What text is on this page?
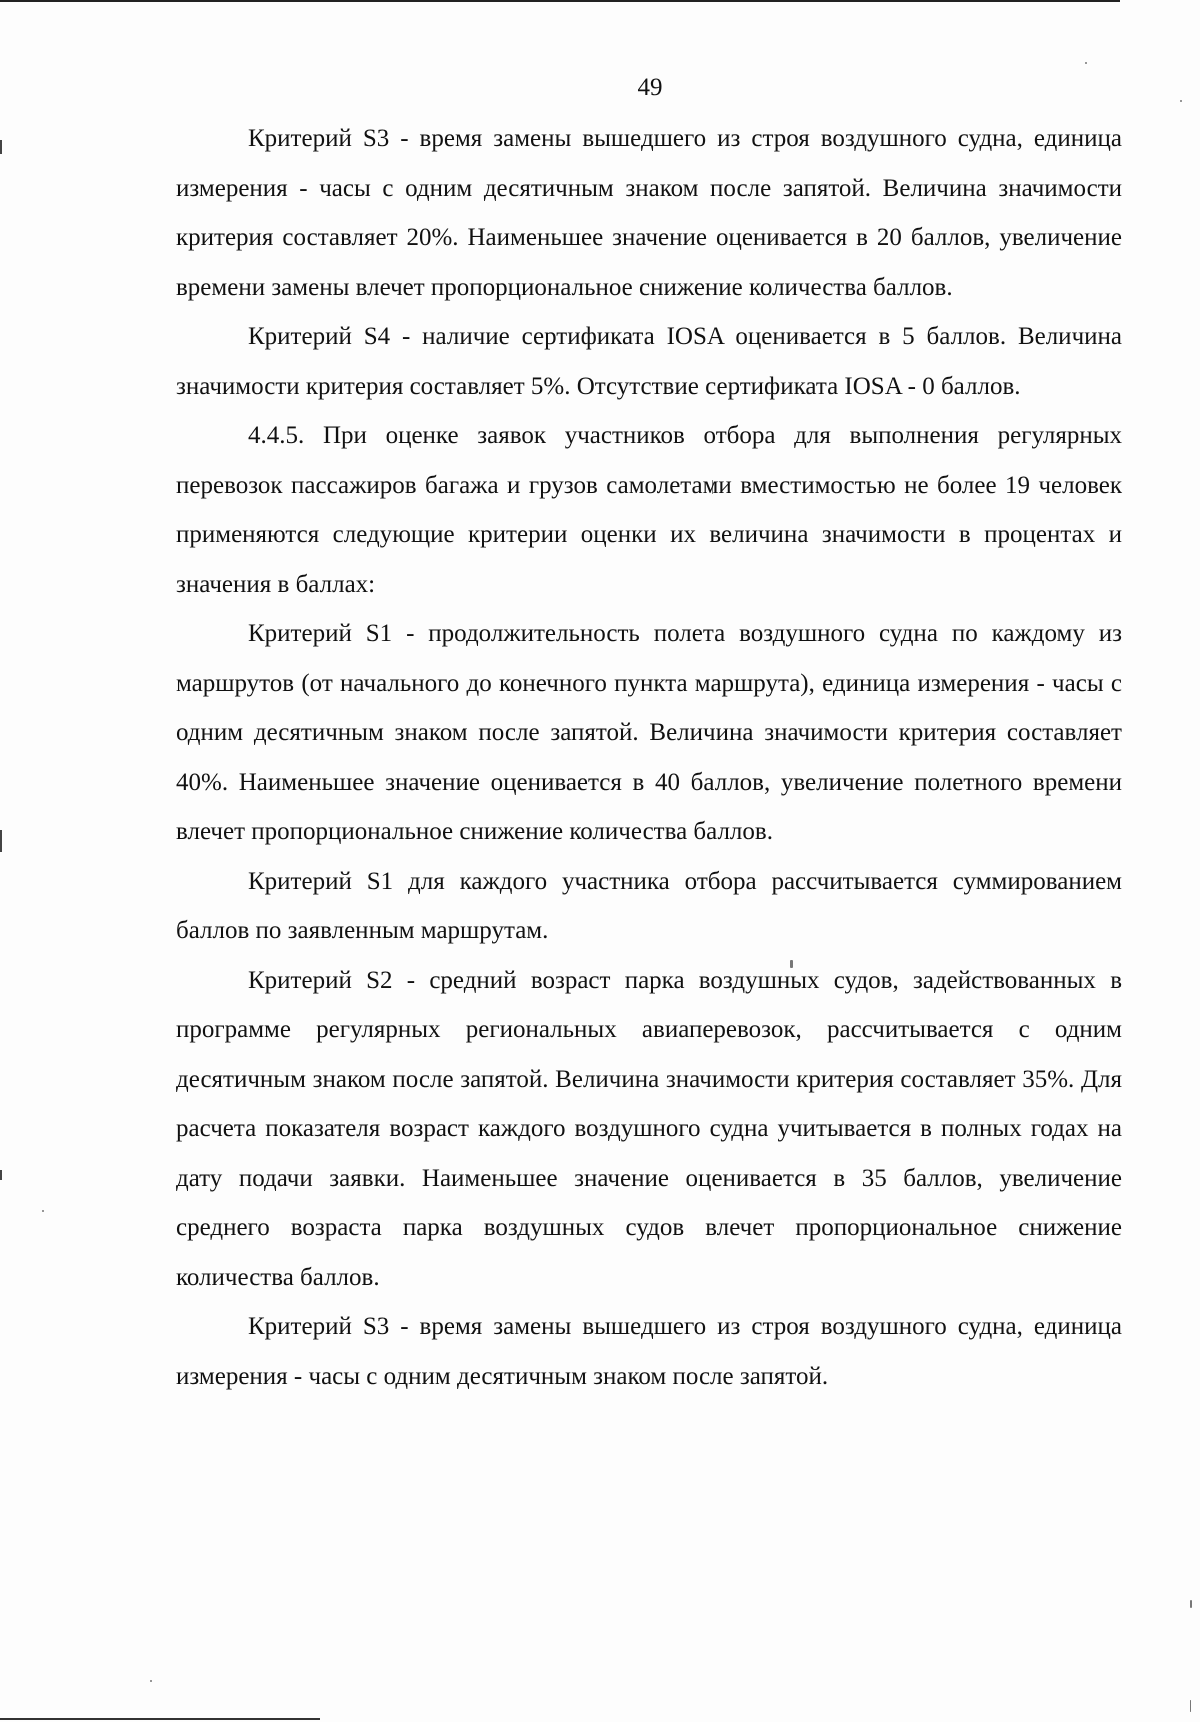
49

Критерий S3 - время замены вышедшего из строя воздушного судна, единица измерения - часы с одним десятичным знаком после запятой. Величина значимости критерия составляет 20%. Наименьшее значение оценивается в 20 баллов, увеличение времени замены влечет пропорциональное снижение количества баллов.

Критерий S4 - наличие сертификата IOSA оценивается в 5 баллов. Величина значимости критерия составляет 5%. Отсутствие сертификата IOSA - 0 баллов.

4.4.5. При оценке заявок участников отбора для выполнения регулярных перевозок пассажиров багажа и грузов самолетами вместимостью не более 19 человек применяются следующие критерии оценки их величина значимости в процентах и значения в баллах:

Критерий S1 - продолжительность полета воздушного судна по каждому из маршрутов (от начального до конечного пункта маршрута), единица измерения - часы с одним десятичным знаком после запятой. Величина значимости критерия составляет 40%. Наименьшее значение оценивается в 40 баллов, увеличение полетного времени влечет пропорциональное снижение количества баллов.

Критерий S1 для каждого участника отбора рассчитывается суммированием баллов по заявленным маршрутам.

Критерий S2 - средний возраст парка воздушных судов, задействованных в программе регулярных региональных авиаперевозок, рассчитывается с одним десятичным знаком после запятой. Величина значимости критерия составляет 35%. Для расчета показателя возраст каждого воздушного судна учитывается в полных годах на дату подачи заявки. Наименьшее значение оценивается в 35 баллов, увеличение среднего возраста парка воздушных судов влечет пропорциональное снижение количества баллов.

Критерий S3 - время замены вышедшего из строя воздушного судна, единица измерения - часы с одним десятичным знаком после запятой.
